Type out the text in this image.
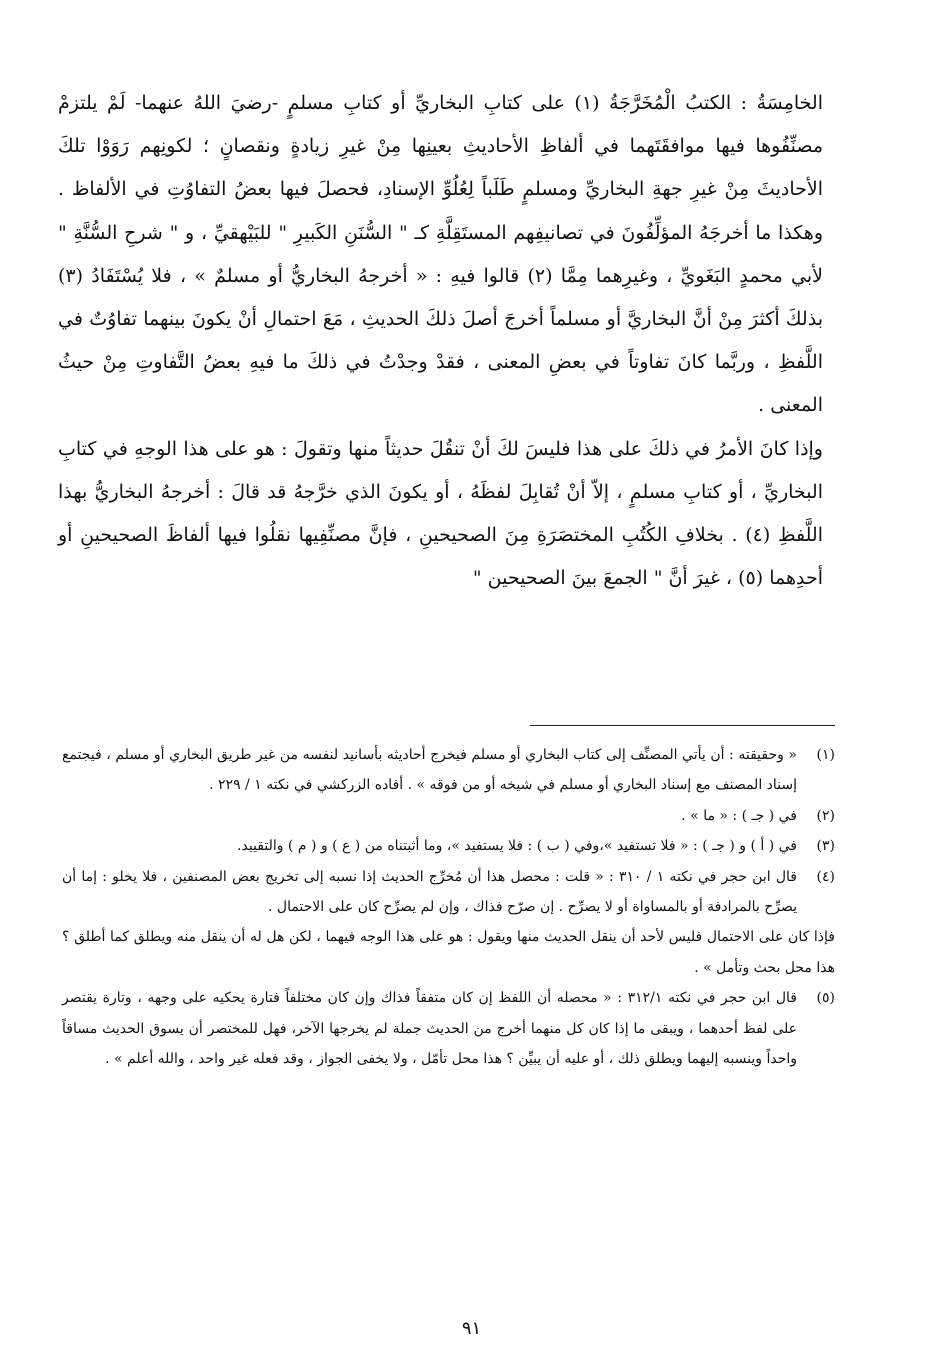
الخامِسَةُ : الكتبُ الْمُخَرَّجَةُ (١) على كتابِ البخاريِّ أو كتابِ مسلمٍ -رضيَ اللهُ عنهما- لَمْ يلتزمْ مصنِّفُوها فيها موافقَتَهما في ألفاظِ الأحاديثِ بعينِها مِنْ غيرِ زيادةٍ ونقصانٍ ؛ لكونِهم رَوَوْا تلكَ الأحاديثَ مِنْ غيرِ جهةِ البخاريِّ ومسلمٍ طَلَباً لِعُلُوِّ الإسنادِ، فحصلَ فيها بعضُ التفاوُتِ في الألفاظ . وهكذا ما أخرجَهُ المؤلِّفُونَ في تصانيفِهم المستَقِلَّةِ كـ " السُّنَنِ الكَبيرِ " للبَيْهقيِّ ، و " شرحِ السُّنَّةِ " لأبي محمدٍ البَغَويِّ ، وغيرِهما مِمَّا (٢) قالوا فيهِ : « أخرجهُ البخاريُّ أو مسلمٌ » ، فلا يُسْتَفَادُ (٣) بذلكَ أكثرَ مِنْ أنَّ البخاريَّ أو مسلماً أخرجَ أصلَ ذلكَ الحديثِ ، مَعَ احتمالِ أنْ يكونَ بينهما تفاوُتٌ في اللَّفظِ ، وربَّما كانَ تفاوتاً في بعضِ المعنى ، فقدْ وجدْتُ في ذلكَ ما فيهِ بعضُ التَّفاوتِ مِنْ حيثُ المعنى .

وإذا كانَ الأمرُ في ذلكَ على هذا فليسَ لكَ أنْ تنقُلَ حديثاً منها وتقولَ : هو على هذا الوجهِ في كتابِ البخاريِّ ، أو كتابِ مسلمٍ ، إلاّ أنْ تُقابِلَ لفظَهُ ، أو يكونَ الذي خرَّجهُ قد قالَ : أخرجهُ البخاريُّ بهذا اللَّفظِ (٤) . بخلافِ الكُتُبِ المختصَرَةِ مِنَ الصحيحينِ ، فإنَّ مصنِّفِيها نقلُوا فيها ألفاظَ الصحيحينِ أو أحدِهما (٥) ، غيرَ أنَّ " الجمعَ بينَ الصحيحين "

(١)« وحقيقته : أن يأتي المصنِّف إلى كتاب البخاري أو مسلم فيخرج أحاديثه بأسانيد لنفسه من غير طريق البخاري أو مسلم ، فيجتمع إسناد المصنف مع إسناد البخاري أو مسلم في شيخه أو من فوقه » . أفاده الزركشي في نكته ١ / ٢٢٩ .

(٢)في ( جـ ) : « ما » .

(٣)في ( أ ) و ( جـ ) : « فلا تستفيد »،وفي ( ب ) : فلا يستفيد »، وما أثبتناه من ( ع ) و ( م ) والتقييد.

(٤)قال ابن حجر في نكته ١ / ٣١٠ : « قلت : محصل هذا أن مُخرِّج الحديث إذا نسبه إلى تخريج بعض المصنفين ، فلا يخلو : إما أن يصرِّح بالمرادفة أو بالمساواة أو لا يصرِّح . إن صرّح فذاك ، وإن لم يصرِّح كان على الاحتمال .

فإذا كان على الاحتمال فليس لأحد أن ينقل الحديث منها ويقول : هو على هذا الوجه فيهما ، لكن هل له أن ينقل منه ويطلق كما أطلق ؟ هذا محل بحث وتأمل » .

(٥)قال ابن حجر في نكته ٣١٢/١ : « محصله أن اللفظ إن كان متفقاً فذاك وإن كان مختلفاً فتارة يحكيه على وجهه ، وتارة يقتصر على لفظ أحدهما ، ويبقى ما إذا كان كل منهما أخرج من الحديث جملة لم يخرجها الآخر، فهل للمختصر أن يسوق الحديث مساقاً واحداً وينسبه إليهما ويطلق ذلك ، أو عليه أن يبيِّن ؟ هذا محل تأمّل ، ولا يخفى الجواز ، وقد فعله غير واحد ، والله أعلم » .

٩١
